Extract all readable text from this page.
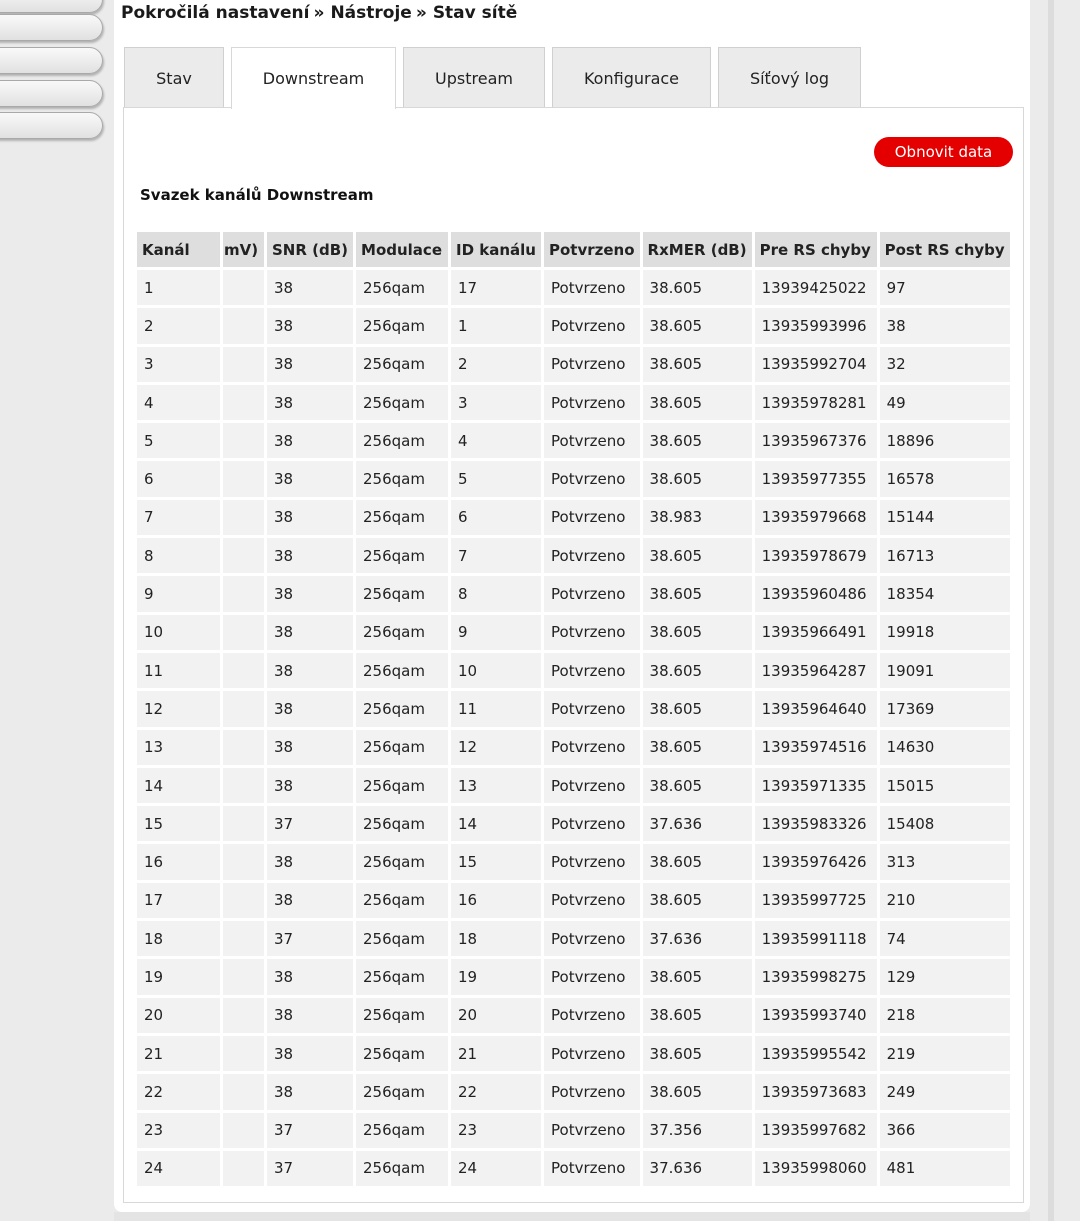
Pokročilá nastavení » Nástroje » Stav sítě
Stav	Downstream	Upstream	Konfigurace	Síťový log
Obnovit data
Svazek kanálů Downstream
Kanál	mV)	SNR (dB)	Modulace	ID kanálu	Potvrzeno	RxMER (dB)	Pre RS chyby	Post RS chyby
1		38	256qam	17	Potvrzeno	38.605	13939425022	97
2		38	256qam	1	Potvrzeno	38.605	13935993996	38
3		38	256qam	2	Potvrzeno	38.605	13935992704	32
4		38	256qam	3	Potvrzeno	38.605	13935978281	49
5		38	256qam	4	Potvrzeno	38.605	13935967376	18896
6		38	256qam	5	Potvrzeno	38.605	13935977355	16578
7		38	256qam	6	Potvrzeno	38.983	13935979668	15144
8		38	256qam	7	Potvrzeno	38.605	13935978679	16713
9		38	256qam	8	Potvrzeno	38.605	13935960486	18354
10		38	256qam	9	Potvrzeno	38.605	13935966491	19918
11		38	256qam	10	Potvrzeno	38.605	13935964287	19091
12		38	256qam	11	Potvrzeno	38.605	13935964640	17369
13		38	256qam	12	Potvrzeno	38.605	13935974516	14630
14		38	256qam	13	Potvrzeno	38.605	13935971335	15015
15		37	256qam	14	Potvrzeno	37.636	13935983326	15408
16		38	256qam	15	Potvrzeno	38.605	13935976426	313
17		38	256qam	16	Potvrzeno	38.605	13935997725	210
18		37	256qam	18	Potvrzeno	37.636	13935991118	74
19		38	256qam	19	Potvrzeno	38.605	13935998275	129
20		38	256qam	20	Potvrzeno	38.605	13935993740	218
21		38	256qam	21	Potvrzeno	38.605	13935995542	219
22		38	256qam	22	Potvrzeno	38.605	13935973683	249
23		37	256qam	23	Potvrzeno	37.356	13935997682	366
24		37	256qam	24	Potvrzeno	37.636	13935998060	481
